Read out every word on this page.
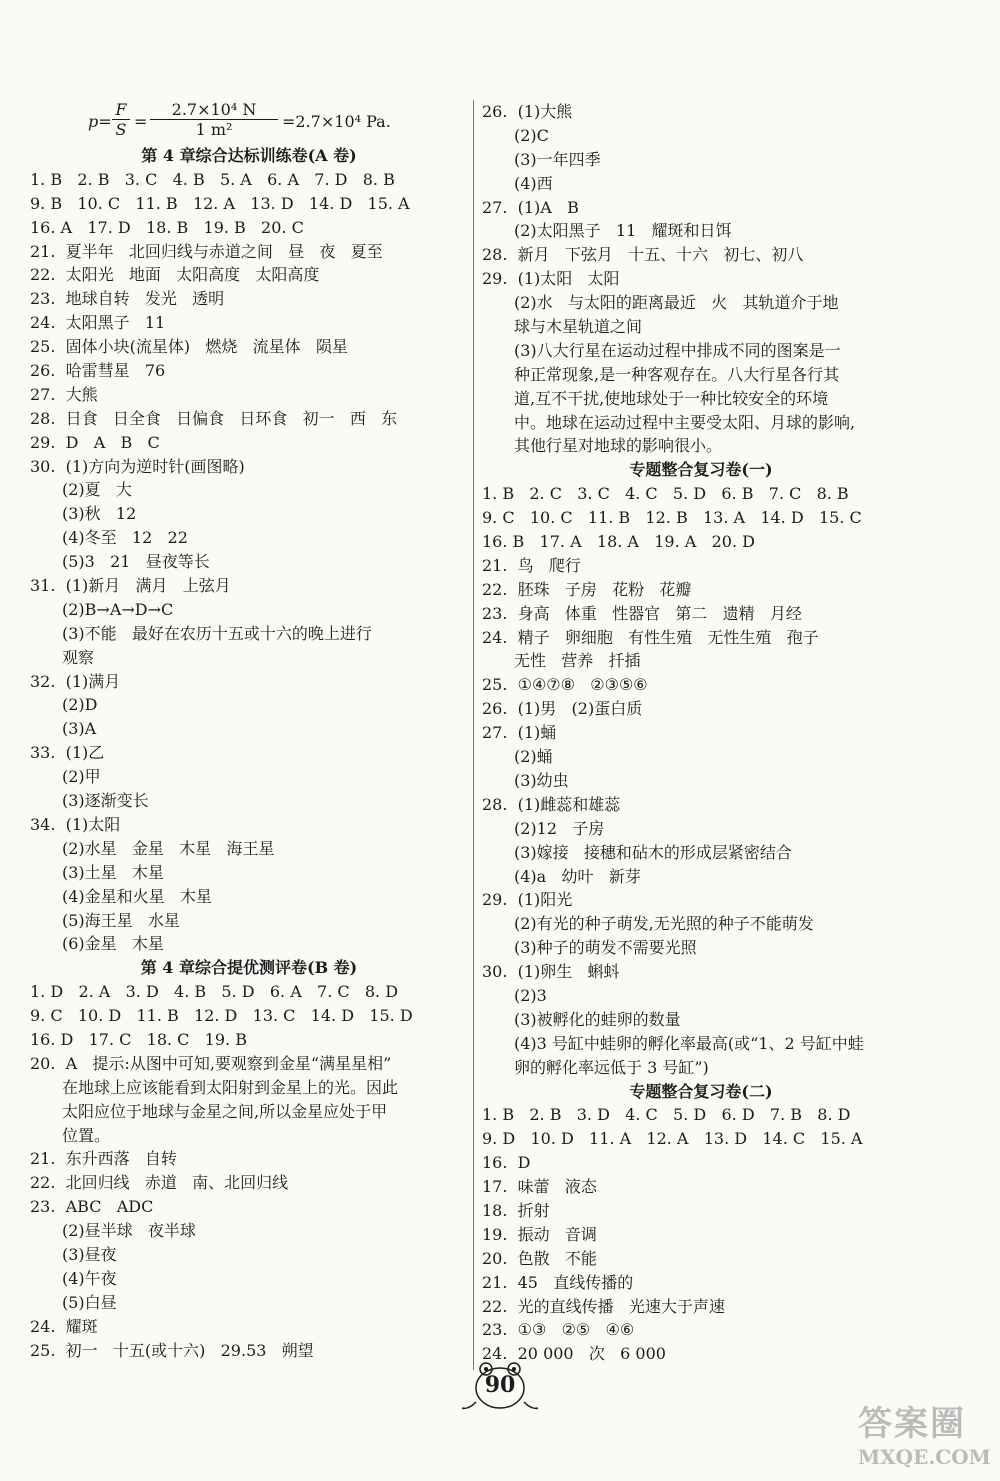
$p= \frac{F}{S} = \frac{\text{2.7×10⁴ N}}{\text{1 m²}} =2.7\times 10^4$ Pa.
第 4 章综合达标训练卷(A 卷)
1. B   2. B   3. C   4. B   5. A   6. A   7. D   8. B
9. B   10. C   11. B   12. A   13. D   14. D   15. A
16. A   17. D   18. B   19. B   20. C
21.  夏半年   北回归线与赤道之间   昼   夜   夏至
22.  太阳光   地面   太阳高度   太阳高度
23.  地球自转   发光   透明
24.  太阳黑子   11
25.  固体小块(流星体)   燃烧   流星体   陨星
26.  哈雷彗星   76
27.  大熊
28.  日食   日全食   日偏食   日环食   初一   西   东
29.  D   A   B   C
30.  (1)方向为逆时针(画图略)
(2)夏   大
(3)秋   12
(4)冬至   12   22
(5)3   21   昼夜等长
31.  (1)新月   满月   上弦月
(2)B→A→D→C
(3)不能   最好在农历十五或十六的晚上进行
观察
32.  (1)满月
(2)D
(3)A
33.  (1)乙
(2)甲
(3)逐渐变长
34.  (1)太阳
(2)水星   金星   木星   海王星
(3)土星   木星
(4)金星和火星   木星
(5)海王星   水星
(6)金星   木星
第 4 章综合提优测评卷(B 卷)
1. D   2. A   3. D   4. B   5. D   6. A   7. C   8. D
9. C   10. D   11. B   12. D   13. C   14. D   15. D
16. D   17. C   18. C   19. B
20.  A   提示:从图中可知,要观察到金星“满星星相”
在地球上应该能看到太阳射到金星上的光。因此
太阳应位于地球与金星之间,所以金星应处于甲
位置。
21.  东升西落   自转
22.  北回归线   赤道   南、北回归线
23.  ABC   ADC
(2)昼半球   夜半球
(3)昼夜
(4)午夜
(5)白昼
24.  耀斑
25.  初一   十五(或十六)   29.53   朔望
26.  (1)大熊
(2)C
(3)一年四季
(4)西
27.  (1)A   B
(2)太阳黑子   11   耀斑和日饵
28.  新月   下弦月   十五、十六   初七、初八
29.  (1)太阳   太阳
(2)水   与太阳的距离最近   火   其轨道介于地
球与木星轨道之间
(3)八大行星在运动过程中排成不同的图案是一
种正常现象,是一种客观存在。八大行星各行其
道,互不干扰,使地球处于一种比较安全的环境
中。地球在运动过程中主要受太阳、月球的影响,
其他行星对地球的影响很小。
专题整合复习卷(一)
1. B   2. C   3. C   4. C   5. D   6. B   7. C   8. B
9. C   10. C   11. B   12. B   13. A   14. D   15. C
16. B   17. A   18. A   19. A   20. D
21.  鸟   爬行
22.  胚珠   子房   花粉   花瓣
23.  身高   体重   性器官   第二   遗精   月经
24.  精子   卵细胞   有性生殖   无性生殖   孢子
无性   营养   扦插
25.  ①④⑦⑧   ②③⑤⑥
26.  (1)男   (2)蛋白质
27.  (1)蛹
(2)蛹
(3)幼虫
28.  (1)雌蕊和雄蕊
(2)12   子房
(3)嫁接   接穗和砧木的形成层紧密结合
(4)a   幼叶   新芽
29.  (1)阳光
(2)有光的种子萌发,无光照的种子不能萌发
(3)种子的萌发不需要光照
30.  (1)卵生   蝌蚪
(2)3
(3)被孵化的蛙卵的数量
(4)3 号缸中蛙卵的孵化率最高(或“1、2 号缸中蛙
卵的孵化率远低于 3 号缸”)
专题整合复习卷(二)
1. B   2. B   3. D   4. C   5. D   6. D   7. B   8. D
9. D   10. D   11. A   12. A   13. D   14. C   15. A
16.  D
17.  味蕾   液态
18.  折射
19.  振动   音调
20.  色散   不能
21.  45   直线传播的
22.  光的直线传播   光速大于声速
23.  ①③   ②⑤   ④⑥
24.  20 000   次   6 000
90
答案圈
MXQE.COM
